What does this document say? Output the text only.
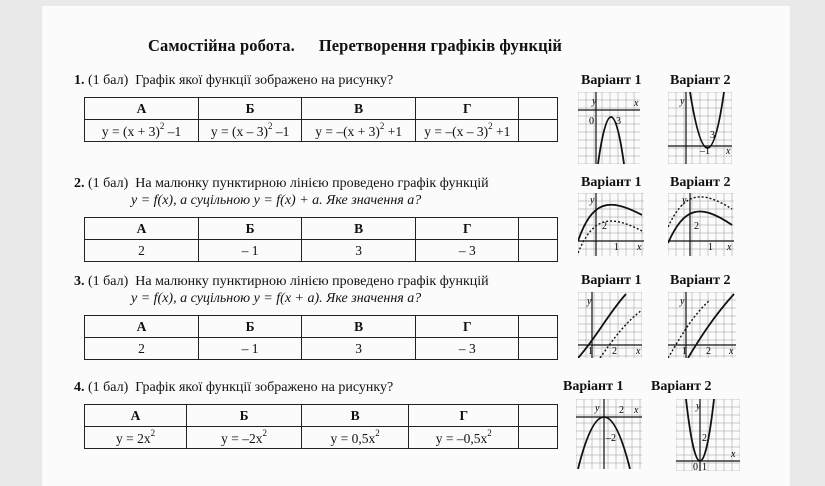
Самостійна робота. Перетворення графіків функцій
1. (1 бал) Графік якої функції зображено на рисунку?
А	Б	В	Г	
$y = (x + 3)^2$ –1	y = (x – 3)$^2$ –1	$y = -(x + 3)^2 +1$	y = –(x – 3)$^2$ +1	
2. (1 бал) На малюнку пунктирною лінією проведено графік функцій
y = f(x), а суцільною y = f(x) + a. Яке значення a?
А	Б	В	Г	
2	– 1	3	– 3	
3. (1 бал) На малюнку пунктирною лінією проведено графік функцій
y = f(x), а суцільною y = f(x + a). Яке значення a?
А	Б	В	Г	
2	– 1	3	– 3	
4. (1 бал) Графік якої функції зображено на рисунку?
А	Б	В	Г	
$y = 2x^2$	$y = -2x^2$	$y = 0,5x^2$	$y = -0,5x^2$	
Варіант 1 Варіант 2
Варіант 1 Варіант 2
Варіант 1 Варіант 2
Варіант 1 Варіант 2
y	x
0 3
y
x
3
–1
y
x
2
1
y
x
2
1
y
x
1 2
y
x
1 2
y	x
2
–2
y
x
0 1
2
